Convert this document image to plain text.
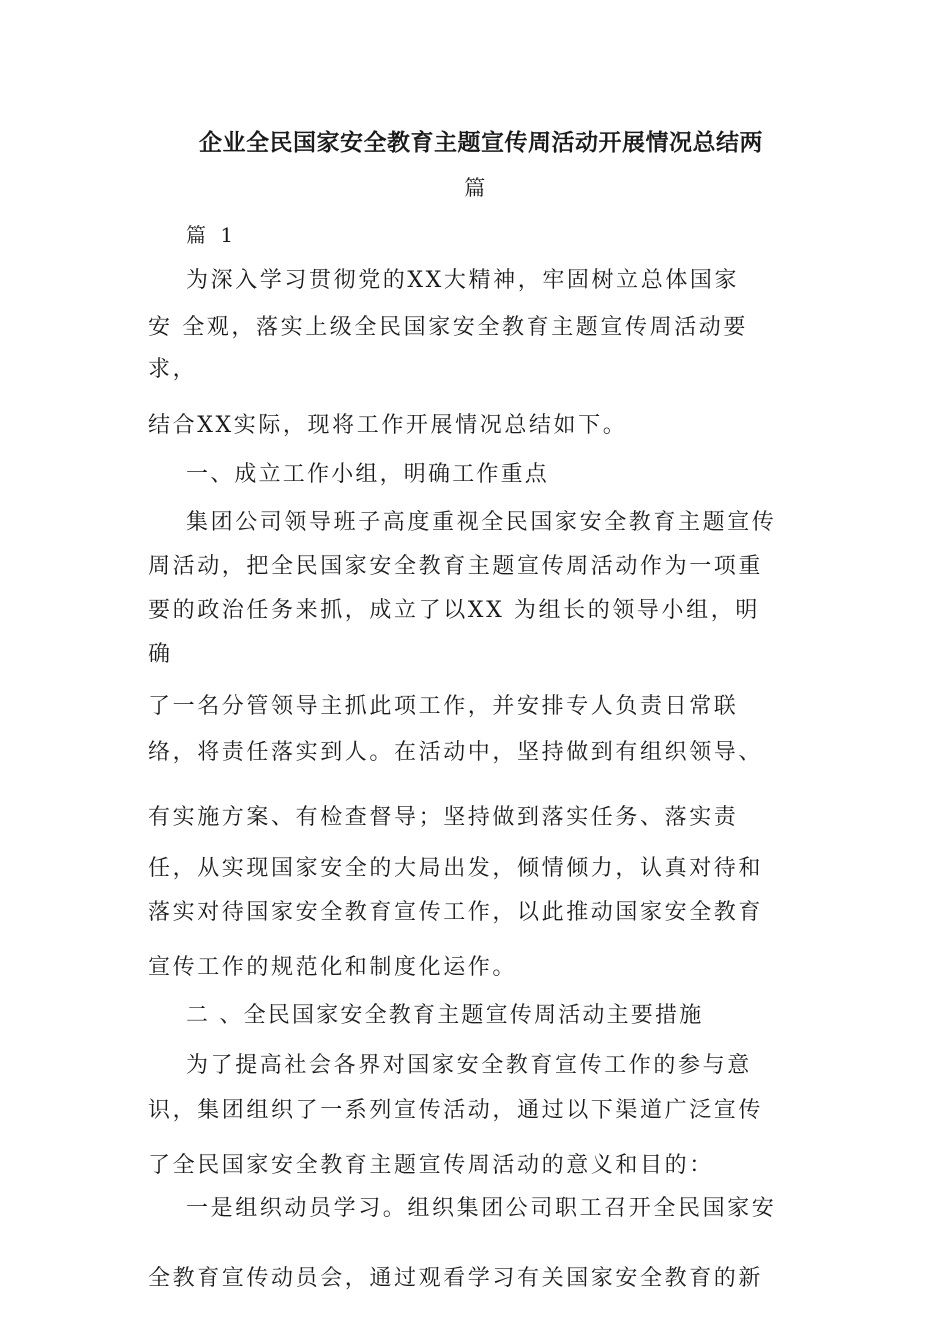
企业全民国家安全教育主题宣传周活动开展情况总结两
篇
篇 1
为深入学习贯彻党的XX大精神，牢固树立总体国家
安 全观，落实上级全民国家安全教育主题宣传周活动要
求，
结合XX实际，现将工作开展情况总结如下。
一、成立工作小组，明确工作重点
集团公司领导班子高度重视全民国家安全教育主题宣传
周活动，把全民国家安全教育主题宣传周活动作为一项重
要的政治任务来抓，成立了以XX 为组长的领导小组，明
确
了一名分管领导主抓此项工作，并安排专人负责日常联
络，将责任落实到人。在活动中，坚持做到有组织领导、
有实施方案、有检查督导；坚持做到落实任务、落实责
任，从实现国家安全的大局出发，倾情倾力，认真对待和
落实对待国家安全教育宣传工作，以此推动国家安全教育
宣传工作的规范化和制度化运作。
二 、全民国家安全教育主题宣传周活动主要措施
为了提高社会各界对国家安全教育宣传工作的参与意
识，集团组织了一系列宣传活动，通过以下渠道广泛宣传
了全民国家安全教育主题宣传周活动的意义和目的：
一是组织动员学习。组织集团公司职工召开全民国家安
全教育宣传动员会，通过观看学习有关国家安全教育的新
